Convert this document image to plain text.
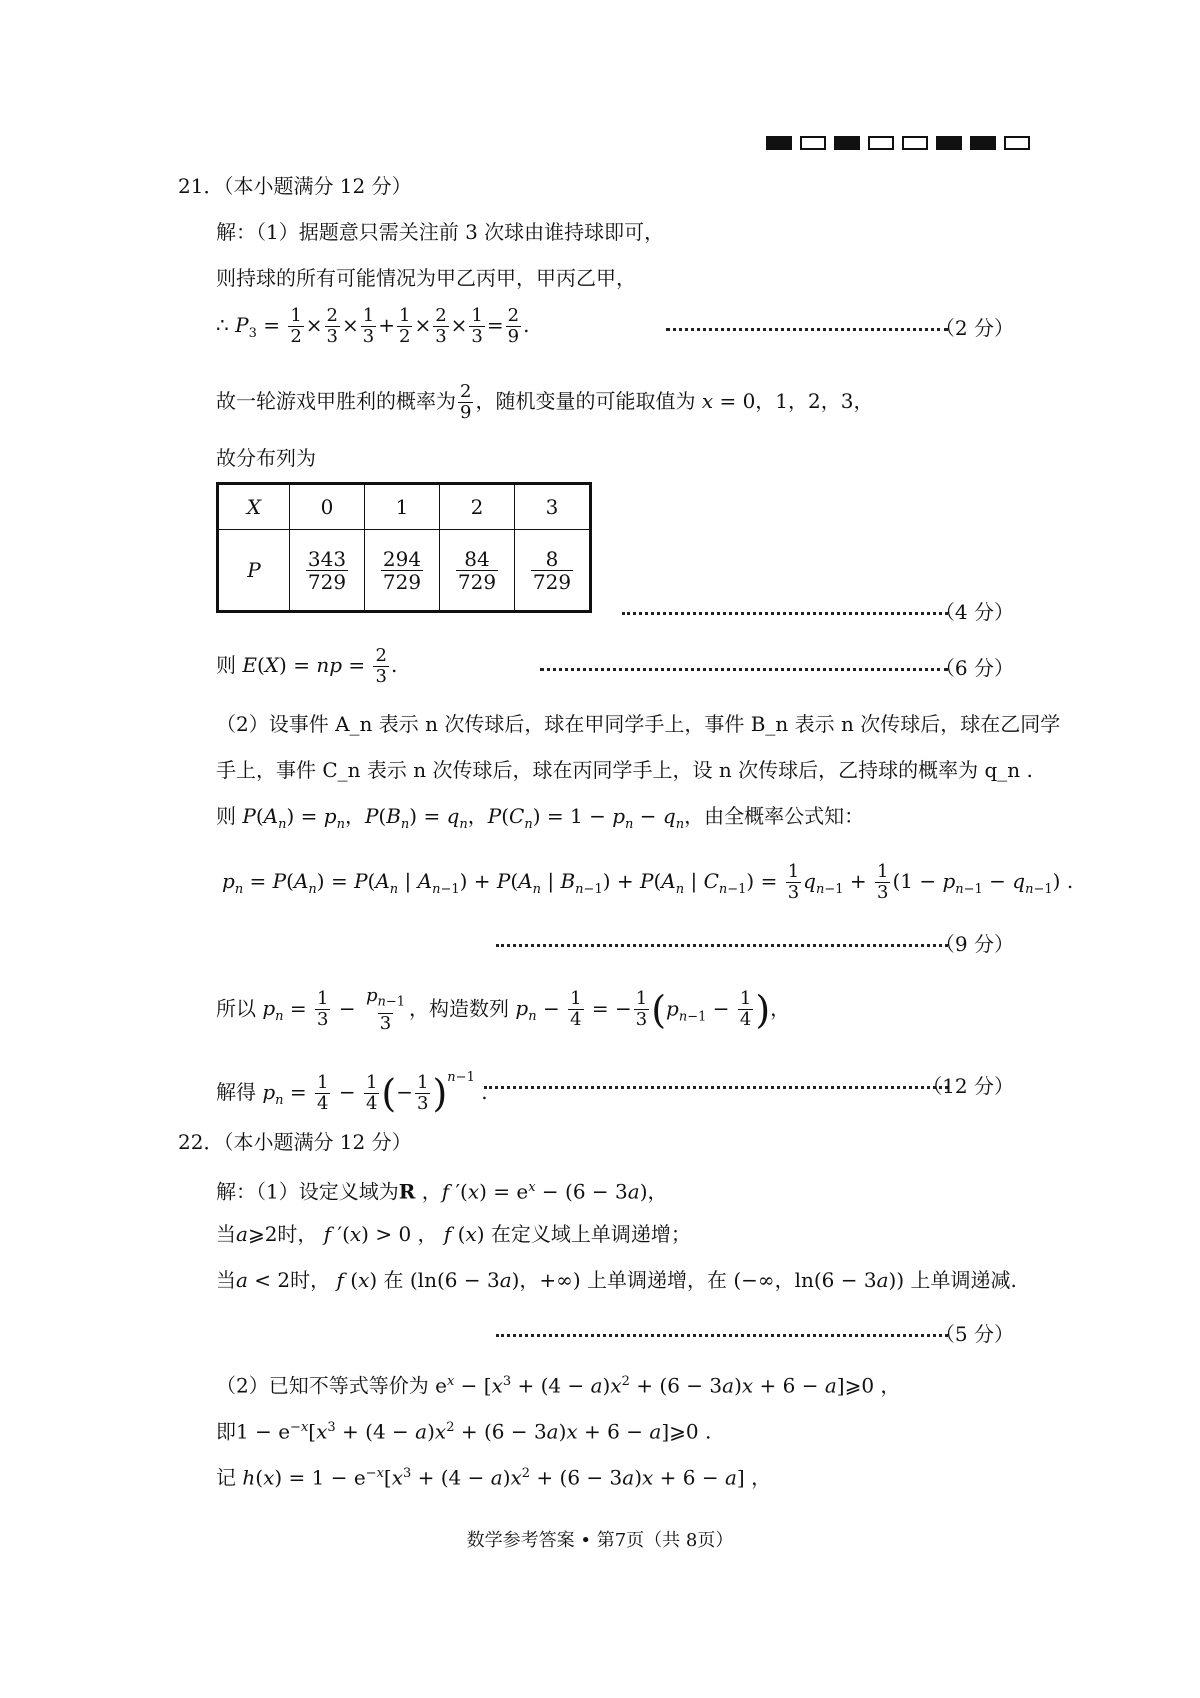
21．（本小题满分 12 分）
解：（1）据题意只需关注前 3 次球由谁持球即可，
则持球的所有可能情况为甲乙丙甲，甲丙乙甲，
∴ $P_3 = \frac{1}{2} \times \frac{2}{3} \times \frac{1}{3} + \frac{1}{2} \times \frac{2}{3} \times \frac{1}{3} = \frac{2}{9}$ .	（2 分）
故一轮游戏甲胜利的概率为 $\frac{2}{9}$ ，随机变量的可能取值为 x = 0，1，2，3，
故分布列为
X	0	1	2	3
P	$\frac{343}{729}$	$\frac{294}{729}$	$\frac{84}{729}$	$\frac{8}{729}$
（4 分）
则 E(X) = np = $\frac{2}{3}$ .	（6 分）
（2）设事件 A_n 表示 n 次传球后，球在甲同学手上，事件 B_n 表示 n 次传球后，球在乙同学
手上，事件 C_n 表示 n 次传球后，球在丙同学手上，设 n 次传球后，乙持球的概率为 q_n .
则 $P(A_n) = p_n$，$P(B_n) = q_n$，$P(C_n) = 1 - p_n - q_n$，由全概率公式知：
$p_n = P(A_n) = P(A_n$ | $A_{n-1}) + P(A_n$ | $B_{n-1}) + P(A_n$ | $C_{n-1}) = \frac{1}{3} q_{n-1} + \frac{1}{3} (1 - p_{n-1} - q_{n-1})$ .
（9 分）
所以 $p_n = \frac{1}{3} - \frac{p_{n-1}}{3}$ ，构造数列 $p_n - \frac{1}{4}$ = − $\frac{1}{3} (p_{n-1} - \frac{1}{4}$ )，
解得 $p_n = \frac{1}{4} - \frac{1}{4}$ (− $\frac{1}{3} )^{n-1}$ .	（12 分）
22．（本小题满分 12 分）
解：（1）设定义域为R ，f $'(x) = e^x - (6 - 3a)$，
当a⩾2时， f ′(x) > 0 ， f (x) 在定义域上单调递增；
当a < 2时， f (x) 在 (ln(6 − 3a)，+∞) 上单调递增，在 (−∞，ln(6 − 3a)) 上单调递减.
（5 分）
（2）已知不等式等价为 $e^x - [x^3 + (4 - a)x^2 + (6 - 3a)x + 6$ − a]⩾0 ，
即$1 - e^{-x}[x^3 + (4 - a)x^2 + (6 - 3a)x + 6$ − a]⩾0 .
记 $h(x) = 1 - e^{-x}[x^3 + (4 - a)x^2 + (6 - 3a)x + 6 - a]$ ，
数学参考答案 • 第7页（共 8页）
